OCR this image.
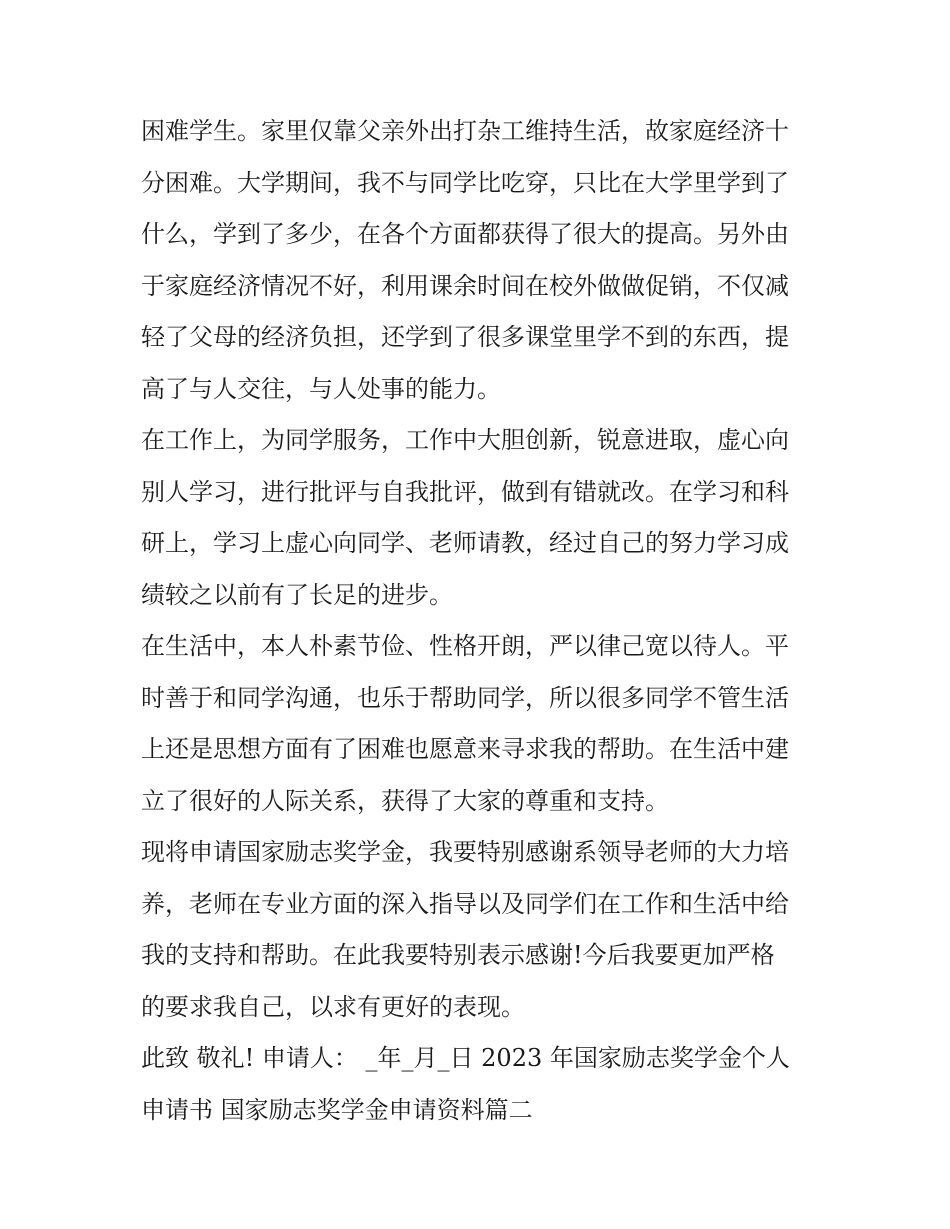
困难学生。家里仅靠父亲外出打杂工维持生活，故家庭经济十
分困难。大学期间，我不与同学比吃穿，只比在大学里学到了
什么，学到了多少，在各个方面都获得了很大的提高。另外由
于家庭经济情况不好，利用课余时间在校外做做促销，不仅减
轻了父母的经济负担，还学到了很多课堂里学不到的东西，提
高了与人交往，与人处事的能力。
在工作上，为同学服务，工作中大胆创新，锐意进取，虚心向
别人学习，进行批评与自我批评，做到有错就改。在学习和科
研上，学习上虚心向同学、老师请教，经过自己的努力学习成
绩较之以前有了长足的进步。
在生活中，本人朴素节俭、性格开朗，严以律己宽以待人。平
时善于和同学沟通，也乐于帮助同学，所以很多同学不管生活
上还是思想方面有了困难也愿意来寻求我的帮助。在生活中建
立了很好的人际关系，获得了大家的尊重和支持。
现将申请国家励志奖学金，我要特别感谢系领导老师的大力培
养，老师在专业方面的深入指导以及同学们在工作和生活中给
我的支持和帮助。在此我要特别表示感谢!今后我要更加严格
的要求我自己，以求有更好的表现。
此致 敬礼! 申请人： _年_月_日 2023 年国家励志奖学金个人
申请书 国家励志奖学金申请资料篇二
